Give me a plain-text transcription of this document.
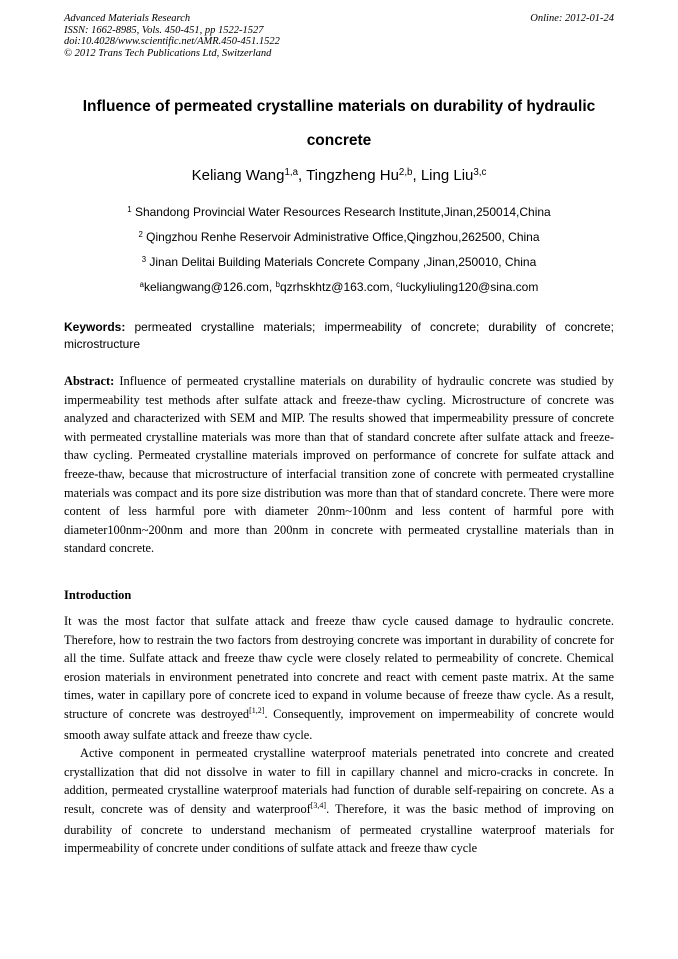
Advanced Materials Research
ISSN: 1662-8985, Vols. 450-451, pp 1522-1527
doi:10.4028/www.scientific.net/AMR.450-451.1522
© 2012 Trans Tech Publications Ltd, Switzerland
Online: 2012-01-24
Influence of permeated crystalline materials on durability of hydraulic concrete
Keliang Wang$^{1,a}$, Tingzheng Hu$^{2,b}$, Ling Liu$^{3,c}$
$^1$ Shandong Provincial Water Resources Research Institute,Jinan,250014,China
$^2$ Qingzhou Renhe Reservoir Administrative Office,Qingzhou,262500, China
$^3$ Jinan Delitai Building Materials Concrete Company ,Jinan,250010, China
$^a$keliangwang@126.com, $^b$qzrhskhtz@163.com, $^c$luckyliuling120@sina.com
Keywords: permeated crystalline materials; impermeability of concrete; durability of concrete; microstructure
Abstract: Influence of permeated crystalline materials on durability of hydraulic concrete was studied by impermeability test methods after sulfate attack and freeze-thaw cycling. Microstructure of concrete was analyzed and characterized with SEM and MIP. The results showed that impermeability pressure of concrete with permeated crystalline materials was more than that of standard concrete after sulfate attack and freeze-thaw cycling. Permeated crystalline materials improved on performance of concrete for sulfate attack and freeze-thaw, because that microstructure of interfacial transition zone of concrete with permeated crystalline materials was compact and its pore size distribution was more than that of standard concrete. There were more content of less harmful pore with diameter 20nm~100nm and less content of harmful pore with diameter100nm~200nm and more than 200nm in concrete with permeated crystalline materials than in standard concrete.
Introduction

It was the most factor that sulfate attack and freeze thaw cycle caused damage to hydraulic concrete. Therefore, how to restrain the two factors from destroying concrete was important in durability of concrete for all the time. Sulfate attack and freeze thaw cycle were closely related to permeability of concrete. Chemical erosion materials in environment penetrated into concrete and react with cement paste matrix. At the same times, water in capillary pore of concrete iced to expand in volume because of freeze thaw cycle. As a result, structure of concrete was destroyed[1,2]. Consequently, improvement on impermeability of concrete would smooth away sulfate attack and freeze thaw cycle.

Active component in permeated crystalline waterproof materials penetrated into concrete and created crystallization that did not dissolve in water to fill in capillary channel and micro-cracks in concrete. In addition, permeated crystalline waterproof materials had function of durable self-repairing on concrete. As a result, concrete was of density and waterproof[3,4]. Therefore, it was the basic method of improving on durability of concrete to understand mechanism of permeated crystalline waterproof materials for impermeability of concrete under conditions of sulfate attack and freeze thaw cycle
